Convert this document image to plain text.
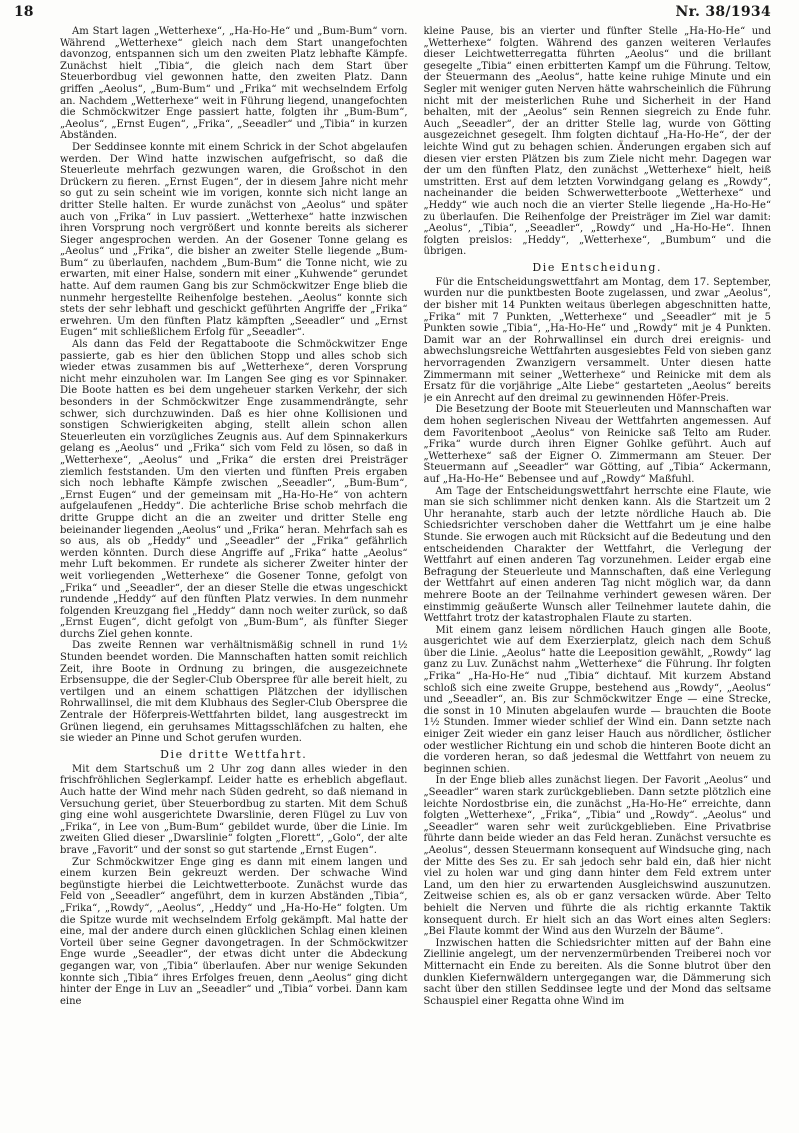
18	Nr. 38/1934

Am Start lagen „Wetterhexe“, „Ha-Ho-He“ und „Bum-Bum“ vorn. Während „Wetterhexe“ gleich nach dem Start unangefochten davonzog, entspannen sich um den zweiten Platz lebhafte Kämpfe. Zunächst hielt „Tibia“, die gleich nach dem Start über Steuerbordbug viel gewonnen hatte, den zweiten Platz. Dann griffen „Aeolus“, „Bum-Bum“ und „Frika“ mit wechselndem Erfolg an. Nachdem „Wetterhexe“ weit in Führung liegend, unangefochten die Schmöckwitzer Enge passiert hatte, folgten ihr „Bum-Bum“, „Aeolus“, „Ernst Eugen“, „Frika“, „Seeadler“ und „Tibia“ in kurzen Abständen.

Der Seddinsee konnte mit einem Schrick in der Schot abgelaufen werden. Der Wind hatte inzwischen aufgefrischt, so daß die Steuerleute mehrfach gezwungen waren, die Großschot in den Drückern zu fieren. „Ernst Eugen“, der in diesem Jahre nicht mehr so gut zu sein scheint wie im vorigen, konnte sich nicht lange an dritter Stelle halten. Er wurde zunächst von „Aeolus“ und später auch von „Frika“ in Luv passiert. „Wetterhexe“ hatte inzwischen ihren Vorsprung noch vergrößert und konnte bereits als sicherer Sieger angesprochen werden. An der Gosener Tonne gelang es „Aeolus“ und „Frika“, die bisher an zweiter Stelle liegende „Bum-Bum“ zu überlaufen, nachdem „Bum-Bum“ die Tonne nicht, wie zu erwarten, mit einer Halse, sondern mit einer „Kuhwende“ gerundet hatte. Auf dem raumen Gang bis zur Schmöckwitzer Enge blieb die nunmehr hergestellte Reihenfolge bestehen. „Aeolus“ konnte sich stets der sehr lebhaft und geschickt geführten Angriffe der „Frika“ erwehren. Um den fünften Platz kämpften „Seeadler“ und „Ernst Eugen“ mit schließlichem Erfolg für „Seeadler“.

Als dann das Feld der Regattaboote die Schmöckwitzer Enge passierte, gab es hier den üblichen Stopp und alles schob sich wieder etwas zusammen bis auf „Wetterhexe“, deren Vorsprung nicht mehr einzuholen war. Im Langen See ging es vor Spinnaker. Die Boote hatten es bei dem ungeheuer starken Verkehr, der sich besonders in der Schmöckwitzer Enge zusammendrängte, sehr schwer, sich durchzuwinden. Daß es hier ohne Kollisionen und sonstigen Schwierigkeiten abging, stellt allein schon allen Steuerleuten ein vorzügliches Zeugnis aus. Auf dem Spinnakerkurs gelang es „Aeolus“ und „Frika“ sich vom Feld zu lösen, so daß in „Wetterhexe“, „Aeolus“ und „Frika“ die ersten drei Preisträger ziemlich feststanden. Um den vierten und fünften Preis ergaben sich noch lebhafte Kämpfe zwischen „Seeadler“, „Bum-Bum“, „Ernst Eugen“ und der gemeinsam mit „Ha-Ho-He“ von achtern aufgelaufenen „Heddy“. Die achterliche Brise schob mehrfach die dritte Gruppe dicht an die an zweiter und dritter Stelle eng beieinander liegenden „Aeolus“ und „Frika“ heran. Mehrfach sah es so aus, als ob „Heddy“ und „Seeadler“ der „Frika“ gefährlich werden könnten. Durch diese Angriffe auf „Frika“ hatte „Aeolus“ mehr Luft bekommen. Er rundete als sicherer Zweiter hinter der weit vorliegenden „Wetterhexe“ die Gosener Tonne, gefolgt von „Frika“ und „Seeadler“, der an dieser Stelle die etwas ungeschickt rundende „Heddy“ auf den fünften Platz verwies. In dem nunmehr folgenden Kreuzgang fiel „Heddy“ dann noch weiter zurück, so daß „Ernst Eugen“, dicht gefolgt von „Bum-Bum“, als fünfter Sieger durchs Ziel gehen konnte.

Das zweite Rennen war verhältnismäßig schnell in rund 1½ Stunden beendet worden. Die Mannschaften hatten somit reichlich Zeit, ihre Boote in Ordnung zu bringen, die ausgezeichnete Erbsensuppe, die der Segler-Club Oberspree für alle bereit hielt, zu vertilgen und an einem schattigen Plätzchen der idyllischen Rohrwallinsel, die mit dem Klubhaus des Segler-Club Oberspree die Zentrale der Höferpreis-Wettfahrten bildet, lang ausgestreckt im Grünen liegend, ein geruhsames Mittagsschläfchen zu halten, ehe sie wieder an Pinne und Schot gerufen wurden.

Die dritte Wettfahrt.

Mit dem Startschuß um 2 Uhr zog dann alles wieder in den frischfröhlichen Seglerkampf. Leider hatte es erheblich abgeflaut. Auch hatte der Wind mehr nach Süden gedreht, so daß niemand in Versuchung geriet, über Steuerbordbug zu starten. Mit dem Schuß ging eine wohl ausgerichtete Dwarslinie, deren Flügel zu Luv von „Frika“, in Lee von „Bum-Bum“ gebildet wurde, über die Linie. Im zweiten Glied dieser „Dwarslinie“ folgten „Florett“, „Golo“, der alte brave „Favorit“ und der sonst so gut startende „Ernst Eugen“.

Zur Schmöckwitzer Enge ging es dann mit einem langen und einem kurzen Bein gekreuzt werden. Der schwache Wind begünstigte hierbei die Leichtwetterboote. Zunächst wurde das Feld von „Seeadler“ angeführt, dem in kurzen Abständen „Tibia“, „Frika“, „Rowdy“, „Aeolus“, „Heddy“ und „Ha-Ho-He“ folgten. Um die Spitze wurde mit wechselndem Erfolg gekämpft. Mal hatte der eine, mal der andere durch einen glücklichen Schlag einen kleinen Vorteil über seine Gegner davongetragen. In der Schmöckwitzer Enge wurde „Seeadler“, der etwas dicht unter die Abdeckung gegangen war, von „Tibia“ überlaufen. Aber nur wenige Sekunden konnte sich „Tibia“ ihres Erfolges freuen, denn „Aeolus“ ging dicht hinter der Enge in Luv an „Seeadler“ und „Tibia“ vorbei. Dann kam eine

kleine Pause, bis an vierter und fünfter Stelle „Ha-Ho-He“ und „Wetterhexe“ folgten. Während des ganzen weiteren Verlaufes dieser Leichtwetterregatta führten „Aeolus“ und die brillant gesegelte „Tibia“ einen erbitterten Kampf um die Führung. Teltow, der Steuermann des „Aeolus“, hatte keine ruhige Minute und ein Segler mit weniger guten Nerven hätte wahrscheinlich die Führung nicht mit der meisterlichen Ruhe und Sicherheit in der Hand behalten, mit der „Aeolus“ sein Rennen siegreich zu Ende fuhr. Auch „Seeadler“, der an dritter Stelle lag, wurde von Götting ausgezeichnet gesegelt. Ihm folgten dichtauf „Ha-Ho-He“, der der leichte Wind gut zu behagen schien. Änderungen ergaben sich auf diesen vier ersten Plätzen bis zum Ziele nicht mehr. Dagegen war der um den fünften Platz, den zunächst „Wetterhexe“ hielt, heiß umstritten. Erst auf dem letzten Vorwindgang gelang es „Rowdy“, nacheinander die beiden Schwerwetterboote „Wetterhexe“ und „Heddy“ wie auch noch die an vierter Stelle liegende „Ha-Ho-He“ zu überlaufen. Die Reihenfolge der Preisträger im Ziel war damit: „Aeolus“, „Tibia“, „Seeadler“, „Rowdy“ und „Ha-Ho-He“. Ihnen folgten preislos: „Heddy“, „Wetterhexe“, „Bumbum“ und die übrigen.

Die Entscheidung.

Für die Entscheidungswettfahrt am Montag, dem 17. September, wurden nur die punktbesten Boote zugelassen, und zwar „Aeolus“, der bisher mit 14 Punkten weitaus überlegen abgeschnitten hatte, „Frika“ mit 7 Punkten, „Wetterhexe“ und „Seeadler“ mit je 5 Punkten sowie „Tibia“, „Ha-Ho-He“ und „Rowdy“ mit je 4 Punkten. Damit war an der Rohrwallinsel ein durch drei ereignis- und abwechslungsreiche Wettfahrten ausgesiebtes Feld von sieben ganz hervorragenden Zwanzigern versammelt. Unter diesen hatte Zimmermann mit seiner „Wetterhexe“ und Reinicke mit dem als Ersatz für die vorjährige „Alte Liebe“ gestarteten „Aeolus“ bereits je ein Anrecht auf den dreimal zu gewinnenden Höfer-Preis.

Die Besetzung der Boote mit Steuerleuten und Mannschaften war dem hohen seglerischen Niveau der Wettfahrten angemessen. Auf dem Favoritenboot „Aeolus“ von Reinicke saß Telto am Ruder. „Frika“ wurde durch ihren Eigner Gohlke geführt. Auch auf „Wetterhexe“ saß der Eigner O. Zimmermann am Steuer. Der Steuermann auf „Seeadler“ war Götting, auf „Tibia“ Ackermann, auf „Ha-Ho-He“ Bebensee und auf „Rowdy“ Maßfuhl.

Am Tage der Entscheidungswettfahrt herrschte eine Flaute, wie man sie sich schlimmer nicht denken kann. Als die Startzeit um 2 Uhr heranahte, starb auch der letzte nördliche Hauch ab. Die Schiedsrichter verschoben daher die Wettfahrt um je eine halbe Stunde. Sie erwogen auch mit Rücksicht auf die Bedeutung und den entscheidenden Charakter der Wettfahrt, die Verlegung der Wettfahrt auf einen anderen Tag vorzunehmen. Leider ergab eine Befragung der Steuerleute und Mannschaften, daß eine Verlegung der Wettfahrt auf einen anderen Tag nicht möglich war, da dann mehrere Boote an der Teilnahme verhindert gewesen wären. Der einstimmig geäußerte Wunsch aller Teilnehmer lautete dahin, die Wettfahrt trotz der katastrophalen Flaute zu starten.

Mit einem ganz leisem nördlichen Hauch gingen alle Boote, ausgerichtet wie auf dem Exerzierplatz, gleich nach dem Schuß über die Linie. „Aeolus“ hatte die Leeposition gewählt, „Rowdy“ lag ganz zu Luv. Zunächst nahm „Wetterhexe“ die Führung. Ihr folgten „Frika“ „Ha-Ho-He“ nud „Tibia“ dichtauf. Mit kurzem Abstand schloß sich eine zweite Gruppe, bestehend aus „Rowdy“, „Aeolus“ und „Seeadler“, an. Bis zur Schmöckwitzer Enge — eine Strecke, die sonst in 10 Minuten abgelaufen wurde — brauchten die Boote 1½ Stunden. Immer wieder schlief der Wind ein. Dann setzte nach einiger Zeit wieder ein ganz leiser Hauch aus nördlicher, östlicher oder westlicher Richtung ein und schob die hinteren Boote dicht an die vorderen heran, so daß jedesmal die Wettfahrt von neuem zu beginnen schien.

In der Enge blieb alles zunächst liegen. Der Favorit „Aeolus“ und „Seeadler“ waren stark zurückgeblieben. Dann setzte plötzlich eine leichte Nordostbrise ein, die zunächst „Ha-Ho-He“ erreichte, dann folgten „Wetterhexe“, „Frika“, „Tibia“ und „Rowdy“. „Aeolus“ und „Seeadler“ waren sehr weit zurückgeblieben. Eine Privatbrise führte dann beide wieder an das Feld heran. Zunächst versuchte es „Aeolus“, dessen Steuermann konsequent auf Windsuche ging, nach der Mitte des Ses zu. Er sah jedoch sehr bald ein, daß hier nicht viel zu holen war und ging dann hinter dem Feld extrem unter Land, um den hier zu erwartenden Ausgleichswind auszunutzen. Zeitweise schien es, als ob er ganz versacken würde. Aber Telto behielt die Nerven und führte die als richtig erkannte Taktik konsequent durch. Er hielt sich an das Wort eines alten Seglers: „Bei Flaute kommt der Wind aus den Wurzeln der Bäume“.

Inzwischen hatten die Schiedsrichter mitten auf der Bahn eine Ziellinie angelegt, um der nervenzermürbenden Treiberei noch vor Mitternacht ein Ende zu bereiten. Als die Sonne blutrot über den dunklen Kiefernwäldern untergegangen war, die Dämmerung sich sacht über den stillen Seddinsee legte und der Mond das seltsame Schauspiel einer Regatta ohne Wind im
